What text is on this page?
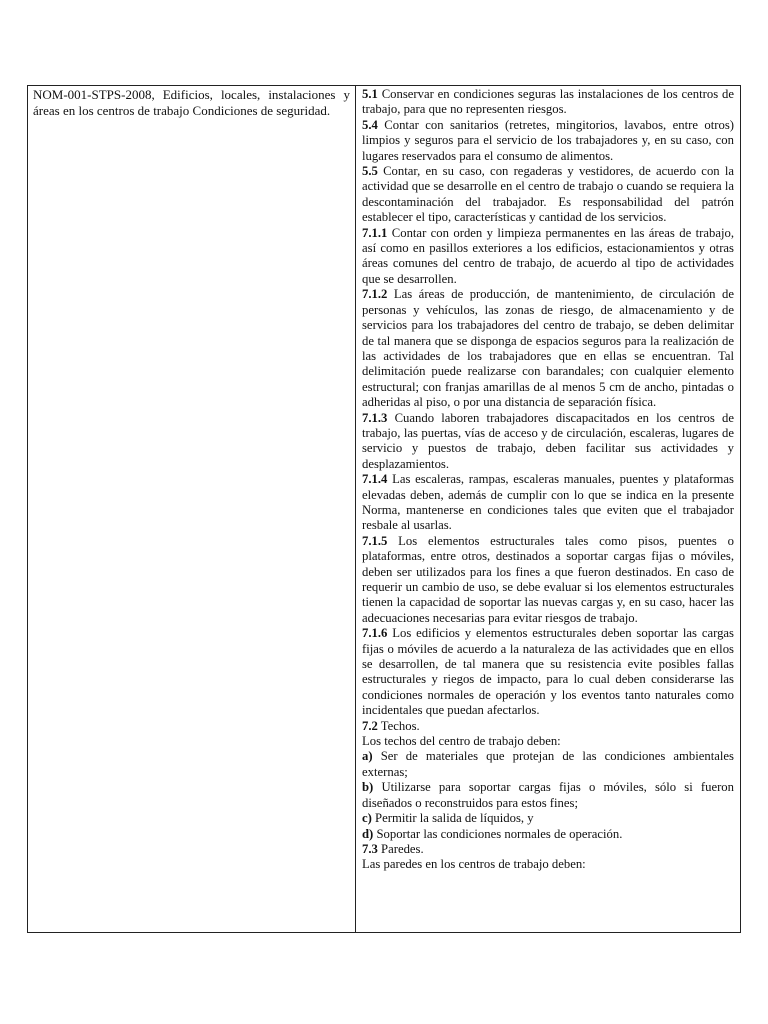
NOM-001-STPS-2008, Edificios, locales, instalaciones y áreas en los centros de trabajo Condiciones de seguridad.

5.1 Conservar en condiciones seguras las instalaciones de los centros de trabajo, para que no representen riesgos.

5.4 Contar con sanitarios (retretes, mingitorios, lavabos, entre otros) limpios y seguros para el servicio de los trabajadores y, en su caso, con lugares reservados para el consumo de alimentos.

5.5 Contar, en su caso, con regaderas y vestidores, de acuerdo con la actividad que se desarrolle en el centro de trabajo o cuando se requiera la descontaminación del trabajador. Es responsabilidad del patrón establecer el tipo, características y cantidad de los servicios.

7.1.1 Contar con orden y limpieza permanentes en las áreas de trabajo, así como en pasillos exteriores a los edificios, estacionamientos y otras áreas comunes del centro de trabajo, de acuerdo al tipo de actividades que se desarrollen.

7.1.2 Las áreas de producción, de mantenimiento, de circulación de personas y vehículos, las zonas de riesgo, de almacenamiento y de servicios para los trabajadores del centro de trabajo, se deben delimitar de tal manera que se disponga de espacios seguros para la realización de las actividades de los trabajadores que en ellas se encuentran. Tal delimitación puede realizarse con barandales; con cualquier elemento estructural; con franjas amarillas de al menos 5 cm de ancho, pintadas o adheridas al piso, o por una distancia de separación física.

7.1.3 Cuando laboren trabajadores discapacitados en los centros de trabajo, las puertas, vías de acceso y de circulación, escaleras, lugares de servicio y puestos de trabajo, deben facilitar sus actividades y desplazamientos.

7.1.4 Las escaleras, rampas, escaleras manuales, puentes y plataformas elevadas deben, además de cumplir con lo que se indica en la presente Norma, mantenerse en condiciones tales que eviten que el trabajador resbale al usarlas.

7.1.5 Los elementos estructurales tales como pisos, puentes o plataformas, entre otros, destinados a soportar cargas fijas o móviles, deben ser utilizados para los fines a que fueron destinados. En caso de requerir un cambio de uso, se debe evaluar si los elementos estructurales tienen la capacidad de soportar las nuevas cargas y, en su caso, hacer las adecuaciones necesarias para evitar riesgos de trabajo.

7.1.6 Los edificios y elementos estructurales deben soportar las cargas fijas o móviles de acuerdo a la naturaleza de las actividades que en ellos se desarrollen, de tal manera que su resistencia evite posibles fallas estructurales y riegos de impacto, para lo cual deben considerarse las condiciones normales de operación y los eventos tanto naturales como incidentales que puedan afectarlos.

7.2 Techos.

Los techos del centro de trabajo deben:

a) Ser de materiales que protejan de las condiciones ambientales externas;

b) Utilizarse para soportar cargas fijas o móviles, sólo si fueron diseñados o reconstruidos para estos fines;

c) Permitir la salida de líquidos, y

d) Soportar las condiciones normales de operación.

7.3 Paredes.

Las paredes en los centros de trabajo deben:
